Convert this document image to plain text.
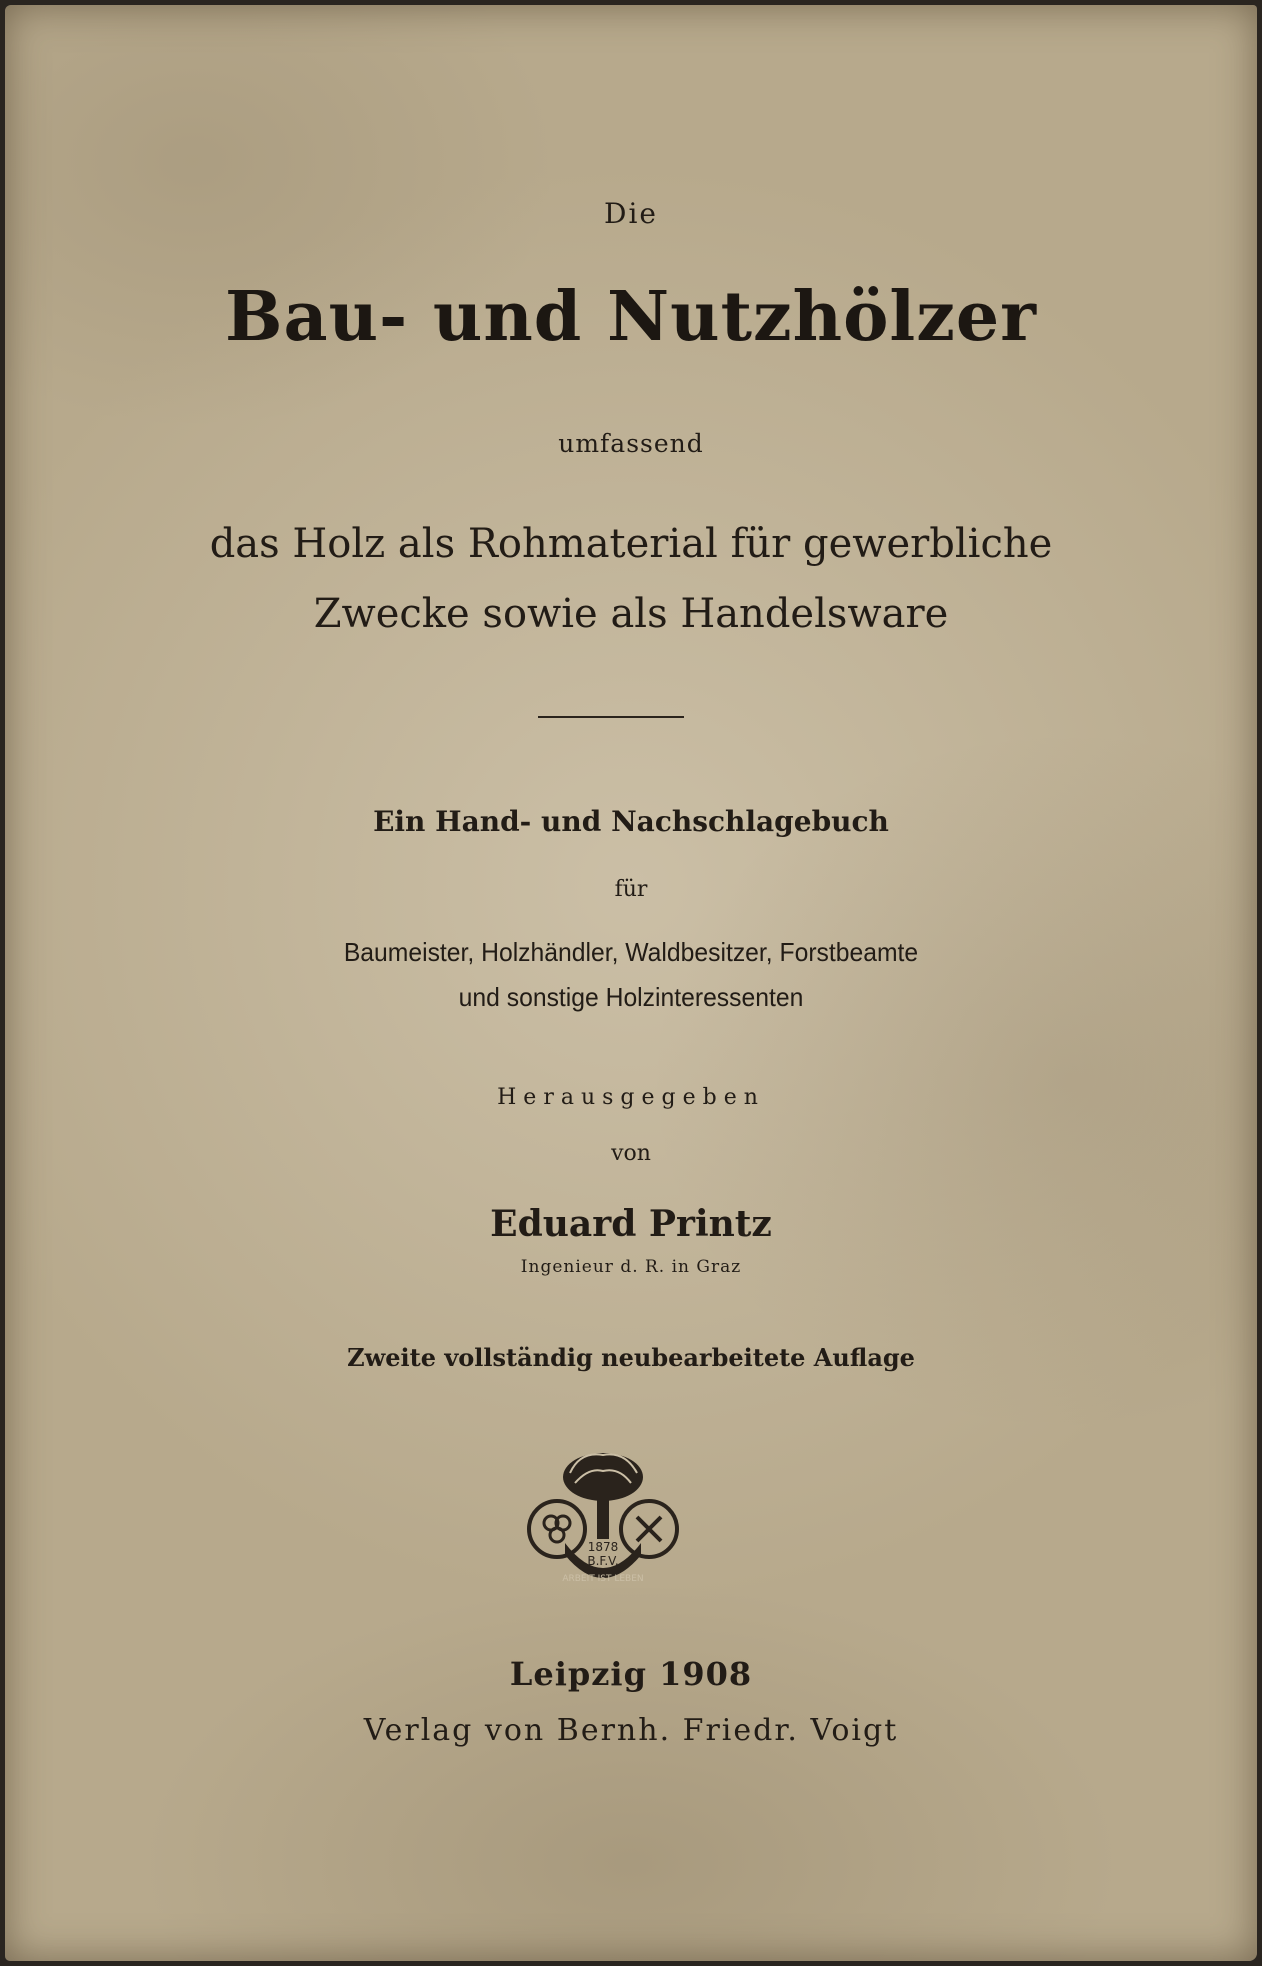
Die
Bau- und Nutzhölzer
umfassend
das Holz als Rohmaterial für gewerbliche
Zwecke sowie als Handelsware
Ein Hand- und Nachschlagebuch
für
Baumeister, Holzhändler, Waldbesitzer, Forstbeamte
und sonstige Holzinteressenten
Herausgegeben
von
Eduard Printz
Ingenieur d. R. in Graz
Zweite vollständig neubearbeitete Auflage
1878
B.F.V.
ARBEIT IST LEBEN
Leipzig 1908
Verlag von Bernh. Friedr. Voigt
